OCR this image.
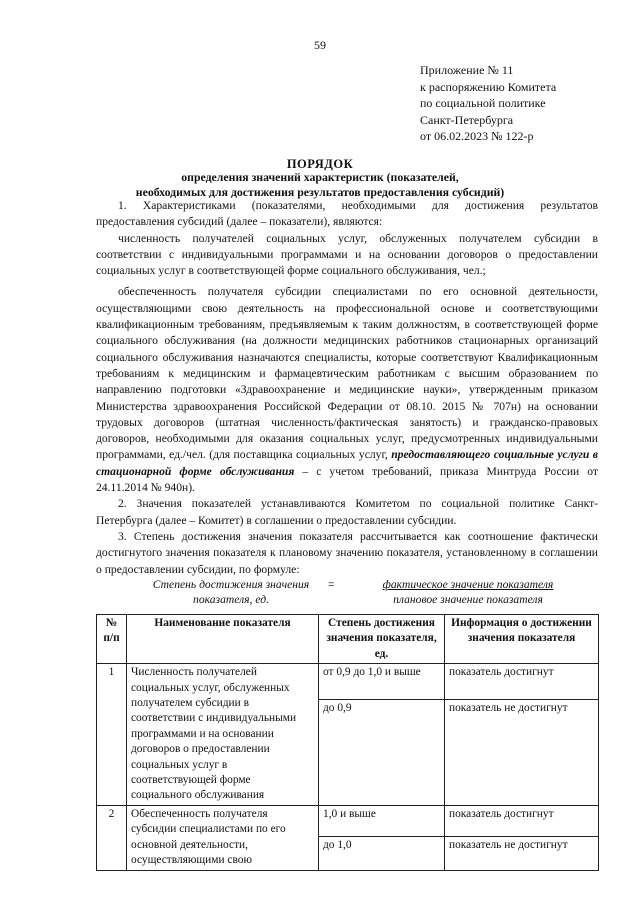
59
Приложение № 11
к распоряжению Комитета
по социальной политике
Санкт-Петербурга
от 06.02.2023 № 122-р
ПОРЯДОК
определения значений характеристик (показателей,
необходимых для достижения результатов предоставления субсидий)

1. Характеристиками (показателями, необходимыми для достижения результатов предоставления субсидий (далее – показатели), являются:

численность получателей социальных услуг, обслуженных получателем субсидии в соответствии с индивидуальными программами и на основании договоров о предоставлении социальных услуг в соответствующей форме социального обслуживания, чел.;

обеспеченность получателя субсидии специалистами по его основной деятельности, осуществляющими свою деятельность на профессиональной основе и соответствующими квалификационным требованиям, предъявляемым к таким должностям, в соответствующей форме социального обслуживания (на должности медицинских работников стационарных организаций социального обслуживания назначаются специалисты, которые соответствуют Квалификационным требованиям к медицинским и фармацевтическим работникам с высшим образованием по направлению подготовки «Здравоохранение и медицинские науки», утвержденным приказом Министерства здравоохранения Российской Федерации от 08.10. 2015 № 707н) на основании трудовых договоров (штатная численность/фактическая занятость) и гражданско-правовых договоров, необходимыми для оказания социальных услуг, предусмотренных индивидуальными программами, ед./чел. (для поставщика социальных услуг, предоставляющего социальные услуги в стационарной форме обслуживания – с учетом требований, приказа Минтруда России от 24.11.2014 № 940н).

2. Значения показателей устанавливаются Комитетом по социальной политике Санкт-Петербурга (далее – Комитет) в соглашении о предоставлении субсидии.

3. Степень достижения значения показателя рассчитывается как соотношение фактически достигнутого значения показателя к плановому значению показателя, установленному в соглашении о предоставлении субсидии, по формуле:

Степень достижения значения
показателя, ед.
=	фактическое значение показателя
плановое значение показателя
№ п/п	Наименование показателя	Степень достижения значения показателя, ед.	Информация о достижении значения показателя
1	Численность получателей социальных услуг, обслуженных получателем субсидии в соответствии с индивидуальными программами и на основании договоров о предоставлении социальных услуг в соответствующей форме социального обслуживания	от 0,9 до 1,0 и выше	показатель достигнут
		до 0,9	показатель не достигнут
2	Обеспеченность получателя субсидии специалистами по его основной деятельности, осуществляющими свою	1,0 и выше	показатель достигнут
		до 1,0	показатель не достигнут
